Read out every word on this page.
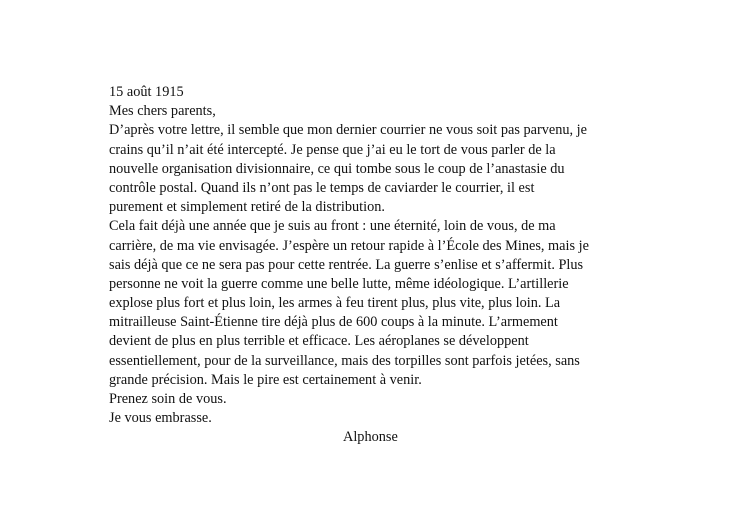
15 août 1915
Mes chers parents,
D’après votre lettre, il semble que mon dernier courrier ne vous soit pas parvenu, je
crains qu’il n’ait été intercepté. Je pense que j’ai eu le tort de vous parler de la
nouvelle organisation divisionnaire, ce qui tombe sous le coup de l’anastasie du
contrôle postal. Quand ils n’ont pas le temps de caviarder le courrier, il est
purement et simplement retiré de la distribution.
Cela fait déjà une année que je suis au front : une éternité, loin de vous, de ma
carrière, de ma vie envisagée. J’espère un retour rapide à l’École des Mines, mais je
sais déjà que ce ne sera pas pour cette rentrée. La guerre s’enlise et s’affermit. Plus
personne ne voit la guerre comme une belle lutte, même idéologique. L’artillerie
explose plus fort et plus loin, les armes à feu tirent plus, plus vite, plus loin. La
mitrailleuse Saint-Étienne tire déjà plus de 600 coups à la minute. L’armement
devient de plus en plus terrible et efficace. Les aéroplanes se développent
essentiellement, pour de la surveillance, mais des torpilles sont parfois jetées, sans
grande précision. Mais le pire est certainement à venir.
Prenez soin de vous.
Je vous embrasse.
Alphonse
